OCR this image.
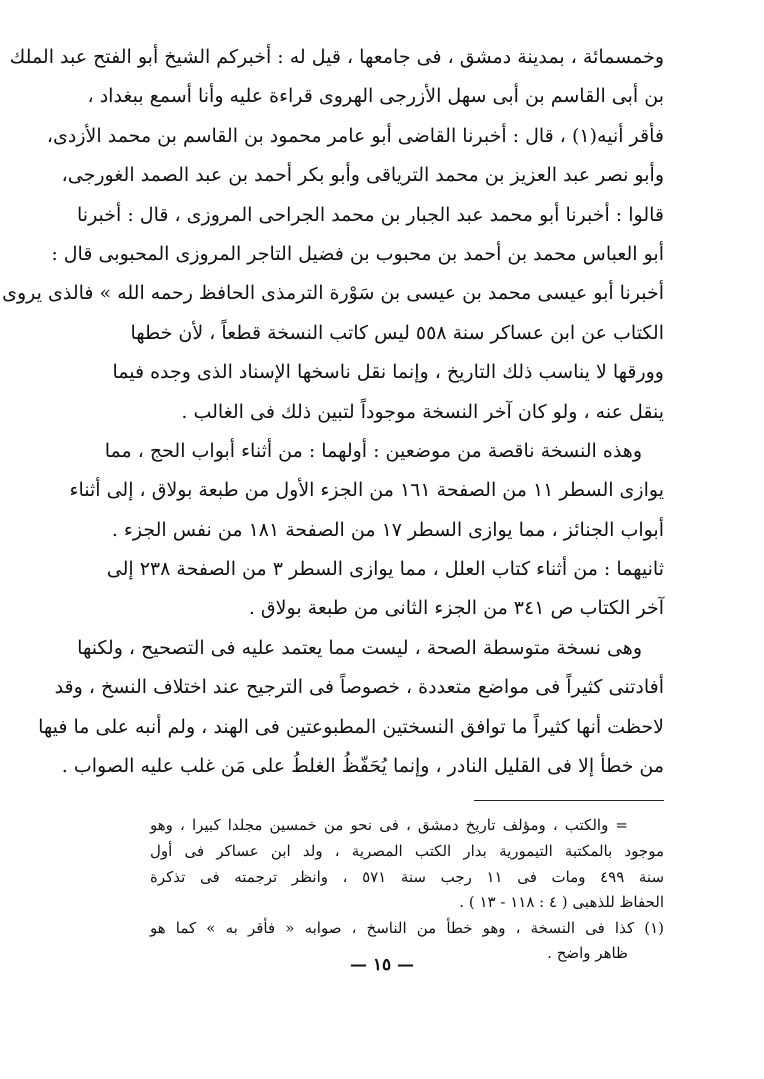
وخمسمائة ، بمدينة دمشق ، فى جامعها ، قيل له : أخبركم الشيخ أبو الفتح عبد الملك
بن أبى القاسم بن أبى سهل الأزرجى الهروى قراءة عليه وأنا أسمع ببغداد ،
فأقر أنيه(١) ، قال : أخبرنا القاضى أبو عامر محمود بن القاسم بن محمد الأزدى،
وأبو نصر عبد العزيز بن محمد الترياقى وأبو بكر أحمد بن عبد الصمد الغورجى،
قالوا : أخبرنا أبو محمد عبد الجبار بن محمد الجراحى المروزى ، قال : أخبرنا
أبو العباس محمد بن أحمد بن محبوب بن فضيل التاجر المروزى المحبوبى قال :
أخبرنا أبو عيسى محمد بن عيسى بن سَوْرة الترمذى الحافظ رحمه الله » فالذى يروى
الكتاب عن ابن عساكر سنة ٥٥٨ ليس كاتب النسخة قطعاً ، لأن خطها
وورقها لا يناسب ذلك التاريخ ، وإنما نقل ناسخها الإسناد الذى وجده فيما
ينقل عنه ، ولو كان آخر النسخة موجوداً لتبين ذلك فى الغالب .
وهذه النسخة ناقصة من موضعين : أولهما : من أثناء أبواب الحج ، مما
يوازى السطر ١١ من الصفحة ١٦١ من الجزء الأول من طبعة بولاق ، إلى أثناء
أبواب الجنائز ، مما يوازى السطر ١٧ من الصفحة ١٨١ من نفس الجزء .
ثانيهما : من أثناء كتاب العلل ، مما يوازى السطر ٣ من الصفحة ٢٣٨ إلى
آخر الكتاب ص ٣٤١ من الجزء الثانى من طبعة بولاق .
وهى نسخة متوسطة الصحة ، ليست مما يعتمد عليه فى التصحيح ، ولكنها
أفادتنى كثيراً فى مواضع متعددة ، خصوصاً فى الترجيح عند اختلاف النسخ ، وقد
لاحظت أنها كثيراً ما توافق النسختين المطبوعتين فى الهند ، ولم أنبه على ما فيها
من خطأ إلا فى القليل النادر ، وإنما يُحَفّظُ الغلطُ على مَن غلب عليه الصواب .
= والكتب ، ومؤلف تاريخ دمشق ، فى نحو من خمسين مجلدا كبيرا ، وهو
موجود بالمكتبة التيمورية بدار الكتب المصرية ، ولد ابن عساكر فى أول
سنة ٤٩٩ ومات فى ١١ رجب سنة ٥٧١ ، وانظر ترجمته فى تذكرة
الحفاظ للذهبى ( ٤ : ١١٨ - ١٣ ) .
(١) كذا فى النسخة ، وهو خطأ من الناسخ ، صوابه « فأقر به » كما هو
ظاهر واضح .
— ١٥ —
